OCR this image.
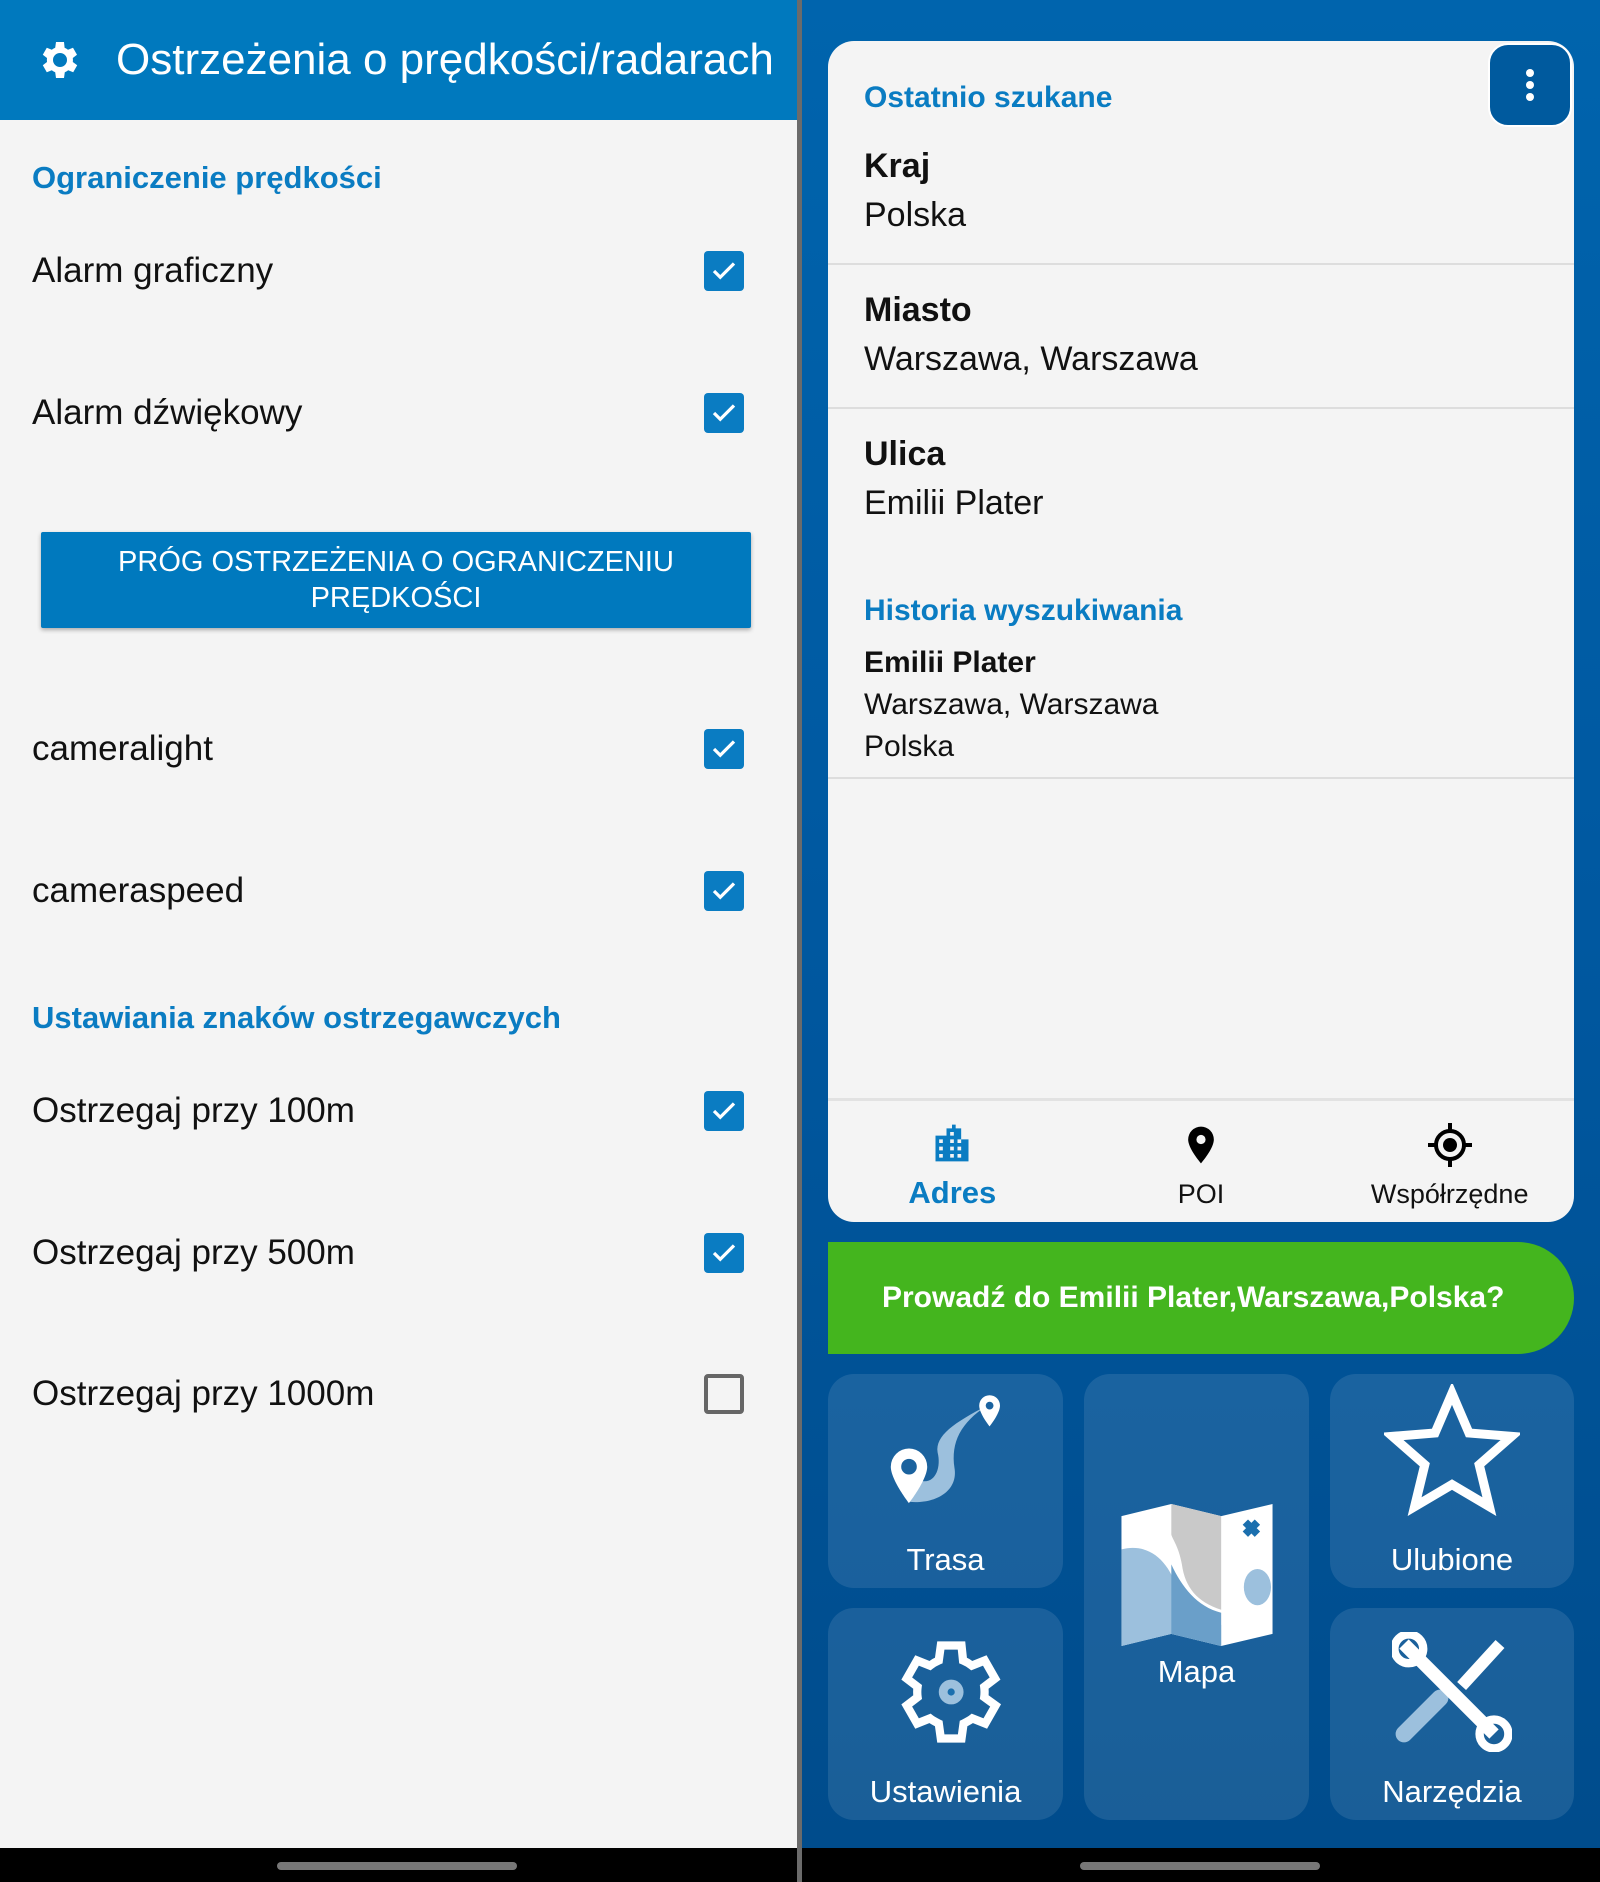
Ostrzeżenia o prędkości/radarach
Ograniczenie prędkości
Alarm graficzny
Alarm dźwiękowy
PRÓG OSTRZEŻENIA O OGRANICZENIU PRĘDKOŚCI
cameralight
cameraspeed
Ustawiania znaków ostrzegawczych
Ostrzegaj przy 100m
Ostrzegaj przy 500m
Ostrzegaj przy 1000m
Ostatnio szukane
Kraj
Polska
Miasto
Warszawa, Warszawa
Ulica
Emilii Plater
Historia wyszukiwania
Emilii Plater
Warszawa, Warszawa
Polska
Adres	POI	Współrzędne
Prowadź do Emilii Plater,Warszawa,Polska?
Trasa
Mapa
Ulubione
Ustawienia	Narzędzia
